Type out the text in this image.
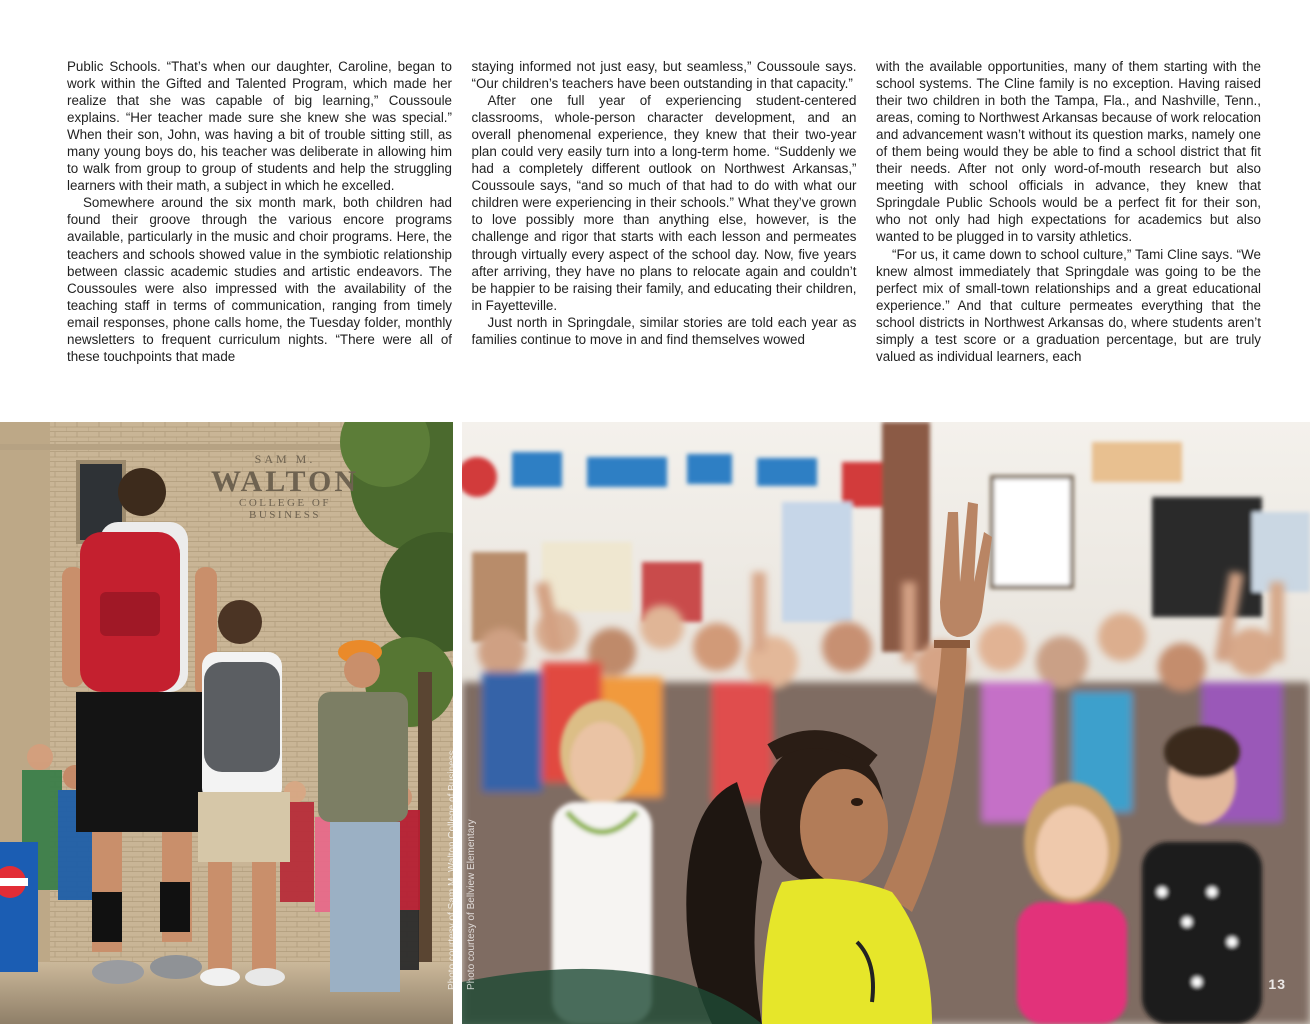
Public Schools. “That’s when our daughter, Caroline, began to work within the Gifted and Talented Program, which made her realize that she was capable of big learning,” Coussoule explains. “Her teacher made sure she knew she was special.” When their son, John, was having a bit of trouble sitting still, as many young boys do, his teacher was deliberate in allowing him to walk from group to group of students and help the struggling learners with their math, a subject in which he excelled.

Somewhere around the six month mark, both children had found their groove through the various encore programs available, particularly in the music and choir programs. Here, the teachers and schools showed value in the symbiotic relationship between classic academic studies and artistic endeavors. The Coussoules were also impressed with the availability of the teaching staff in terms of communication, ranging from timely email responses, phone calls home, the Tuesday folder, monthly newsletters to frequent curriculum nights. “There were all of these touchpoints that made

staying informed not just easy, but seamless,” Coussoule says. “Our children’s teachers have been outstanding in that capacity.”

After one full year of experiencing student-centered classrooms, whole-person character development, and an overall phenomenal experience, they knew that their two-year plan could very easily turn into a long-term home. “Suddenly we had a completely different outlook on Northwest Arkansas,” Coussoule says, “and so much of that had to do with what our children were experiencing in their schools.” What they’ve grown to love possibly more than anything else, however, is the challenge and rigor that starts with each lesson and permeates through virtually every aspect of the school day. Now, five years after arriving, they have no plans to relocate again and couldn’t be happier to be raising their family, and educating their children, in Fayetteville.

Just north in Springdale, similar stories are told each year as families continue to move in and find themselves wowed

with the available opportunities, many of them starting with the school systems. The Cline family is no exception. Having raised their two children in both the Tampa, Fla., and Nashville, Tenn., areas, coming to Northwest Arkansas because of work relocation and advancement wasn’t without its question marks, namely one of them being would they be able to find a school district that fit their needs. After not only word-of-mouth research but also meeting with school officials in advance, they knew that Springdale Public Schools would be a perfect fit for their son, who not only had high expectations for academics but also wanted to be plugged in to varsity athletics.

“For us, it came down to school culture,” Tami Cline says. “We knew almost immediately that Springdale was going to be the perfect mix of small-town relationships and a great educational experience.” And that culture permeates everything that the school districts in Northwest Arkansas do, where students aren’t simply a test score or a graduation percentage, but are truly valued as individual learners, each

SAM M.
WALTON
COLLEGE OF BUSINESS
13
Photo courtesy of Sam M. Walton College of Business Photo courtesy of Bellview Elementary
